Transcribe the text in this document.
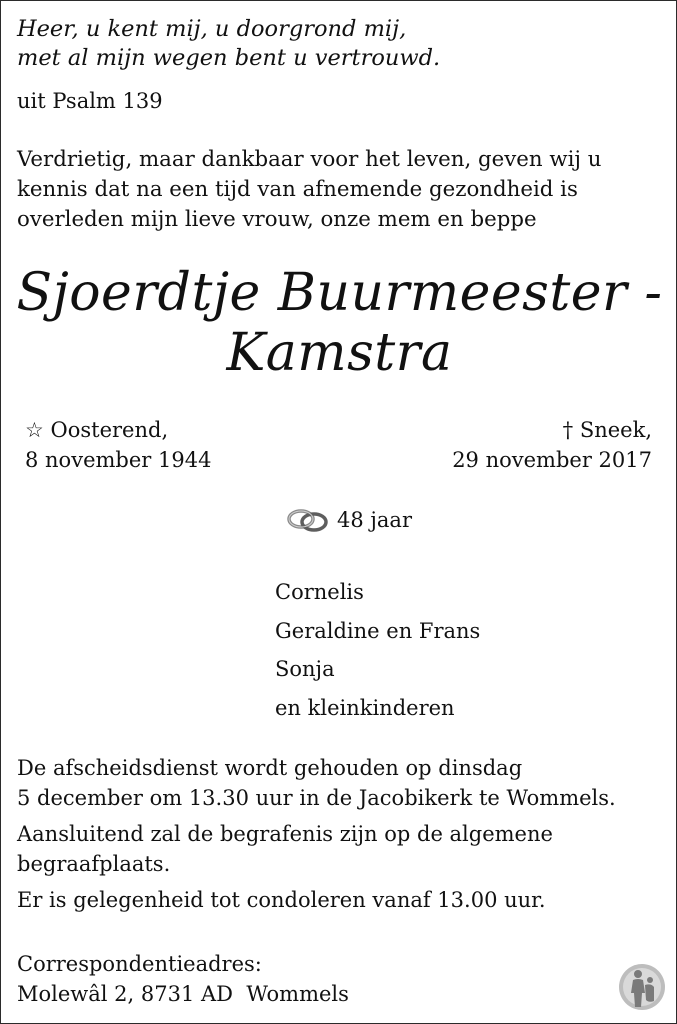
Heer, u kent mij, u doorgrond mij,
met al mijn wegen bent u vertrouwd.
uit Psalm 139
Verdrietig, maar dankbaar voor het leven, geven wij u
kennis dat na een tijd van afnemende gezondheid is
overleden mijn lieve vrouw, onze mem en beppe
Sjoerdtje Buurmeester -
Kamstra
☆ Oosterend,
8 november 1944
† Sneek,
29 november 2017
48 jaar
Cornelis
Geraldine en Frans
Sonja
en kleinkinderen

De afscheidsdienst wordt gehouden op dinsdag
5 december om 13.30 uur in de Jacobikerk te Wommels.

Aansluitend zal de begrafenis zijn op de algemene
begraafplaats.

Er is gelegenheid tot condoleren vanaf 13.00 uur.

Correspondentieadres:
Molewâl 2, 8731 AD  Wommels
